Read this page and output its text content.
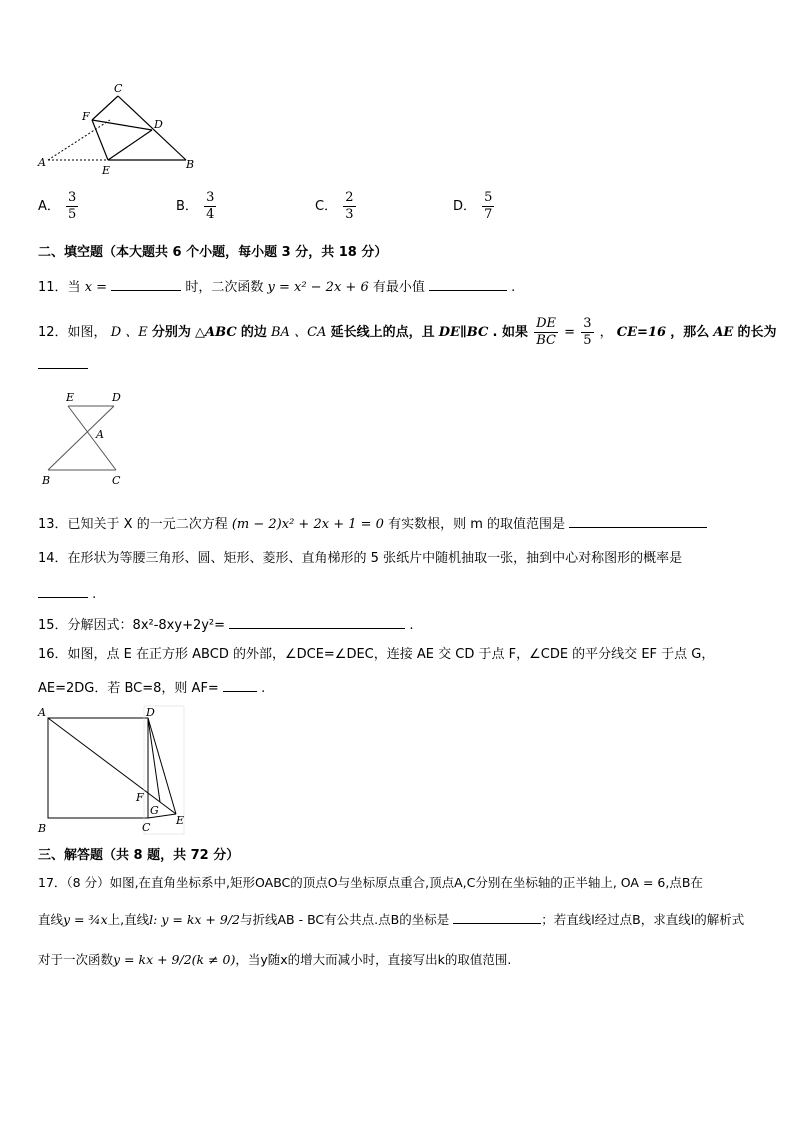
C
F
D
A
E	B
A． $\frac{3}{5}$	B． $\frac{3}{4}$	C． $\frac{2}{3}$	D． $\frac{5}{7}$
二、填空题（本大题共 6 个小题，每小题 3 分，共 18 分）
11．当 x =	时，二次函数 y = x² − 2x + 6 有最小值	.
12．如图， D 、E 分别为 △ABC 的边 BA 、CA 延长线上的点，且 DE∥BC . 如果 $\frac{DE}{BC} = \frac{3}{5}$ ， CE=16 ，那么 AE 的长为
E	D
A
B	C
13．已知关于 X 的一元二次方程 (m − 2)x² + 2x + 1 = 0 有实数根，则 m 的取值范围是
14．在形状为等腰三角形、圆、矩形、菱形、直角梯形的 5 张纸片中随机抽取一张，抽到中心对称图形的概率是
.
15．分解因式：8x²-8xy+2y²=	.
16．如图，点 E 在正方形 ABCD 的外部，∠DCE=∠DEC，连接 AE 交 CD 于点 F，∠CDE 的平分线交 EF 于点 G，
AE=2DG．若 BC=8，则 AF=	.
A	D
F
G
B	C
E
三、解答题（共 8 题，共 72 分）
17．（8 分）如图,在直角坐标系中,矩形OABC的顶点O与坐标原点重合,顶点A,C分别在坐标轴的正半轴上, OA = 6,点B在
直线y = ¾x上,直线l: y = kx + 9/2与折线AB - BC有公共点.点B的坐标是	；若直线l经过点B，求直线l的解析式
对于一次函数y = kx + 9/2(k ≠ 0)，当y随x的增大而减小时，直接写出k的取值范围.
